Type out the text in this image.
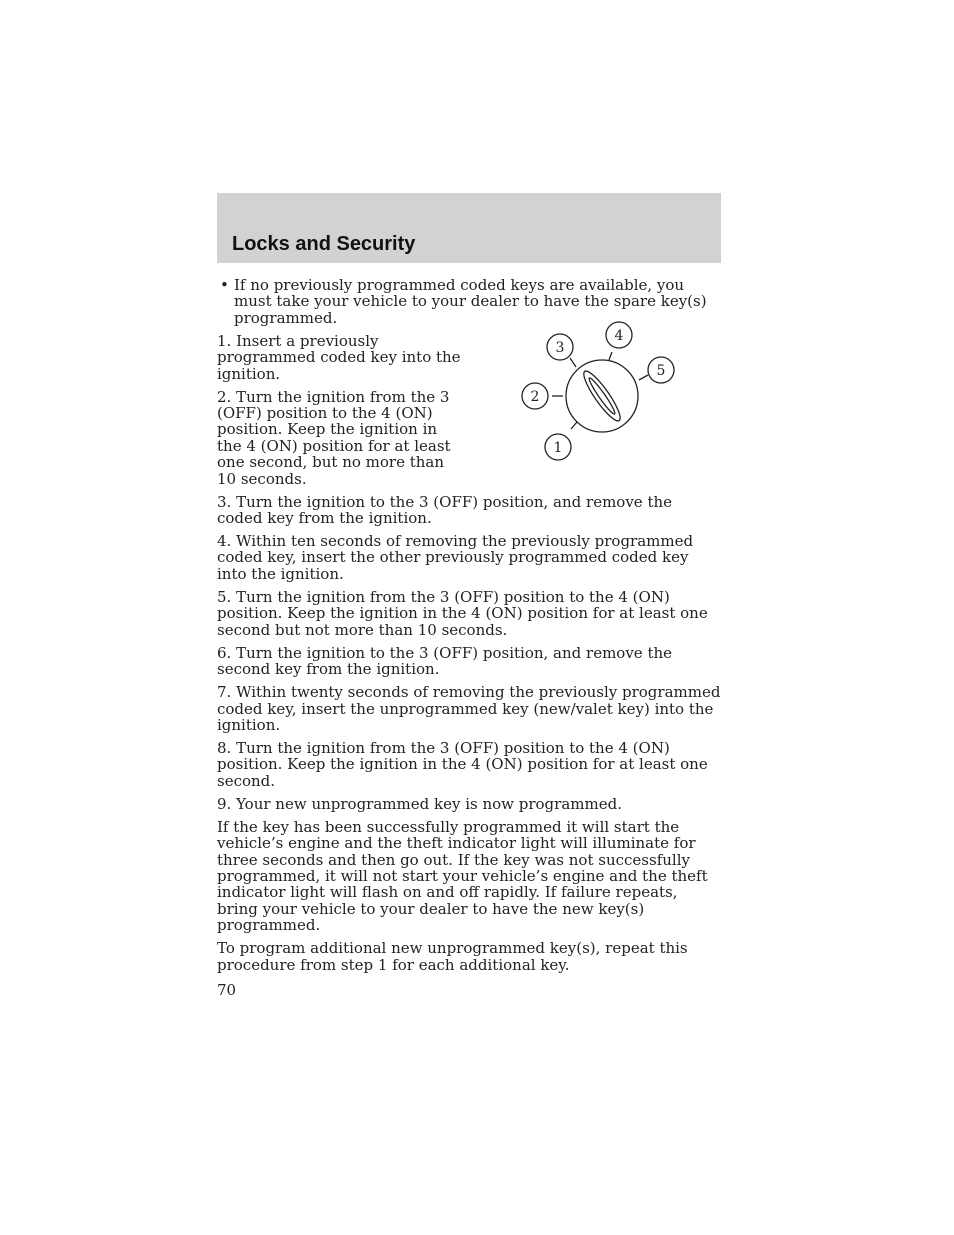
Locks and Security

• If no previously programmed coded keys are available, you must take your vehicle to your dealer to have the spare key(s) programmed.

1. Insert a previously programmed coded key into the ignition.

2. Turn the ignition from the 3 (OFF) position to the 4 (ON) position. Keep the ignition in the 4 (ON) position for at least one second, but no more than 10 seconds.

3. Turn the ignition to the 3 (OFF) position, and remove the coded key from the ignition.

4. Within ten seconds of removing the previously programmed coded key, insert the other previously programmed coded key into the ignition.

5. Turn the ignition from the 3 (OFF) position to the 4 (ON) position. Keep the ignition in the 4 (ON) position for at least one second but not more than 10 seconds.

6. Turn the ignition to the 3 (OFF) position, and remove the second key from the ignition.

7. Within twenty seconds of removing the previously programmed coded key, insert the unprogrammed key (new/valet key) into the ignition.

8. Turn the ignition from the 3 (OFF) position to the 4 (ON) position. Keep the ignition in the 4 (ON) position for at least one second.

9. Your new unprogrammed key is now programmed.

If the key has been successfully programmed it will start the vehicle’s engine and the theft indicator light will illuminate for three seconds and then go out. If the key was not successfully programmed, it will not start your vehicle’s engine and the theft indicator light will flash on and off rapidly. If failure repeats, bring your vehicle to your dealer to have the new key(s) programmed.

To program additional new unprogrammed key(s), repeat this procedure from step 1 for each additional key.

1
2
3
4
5

70
